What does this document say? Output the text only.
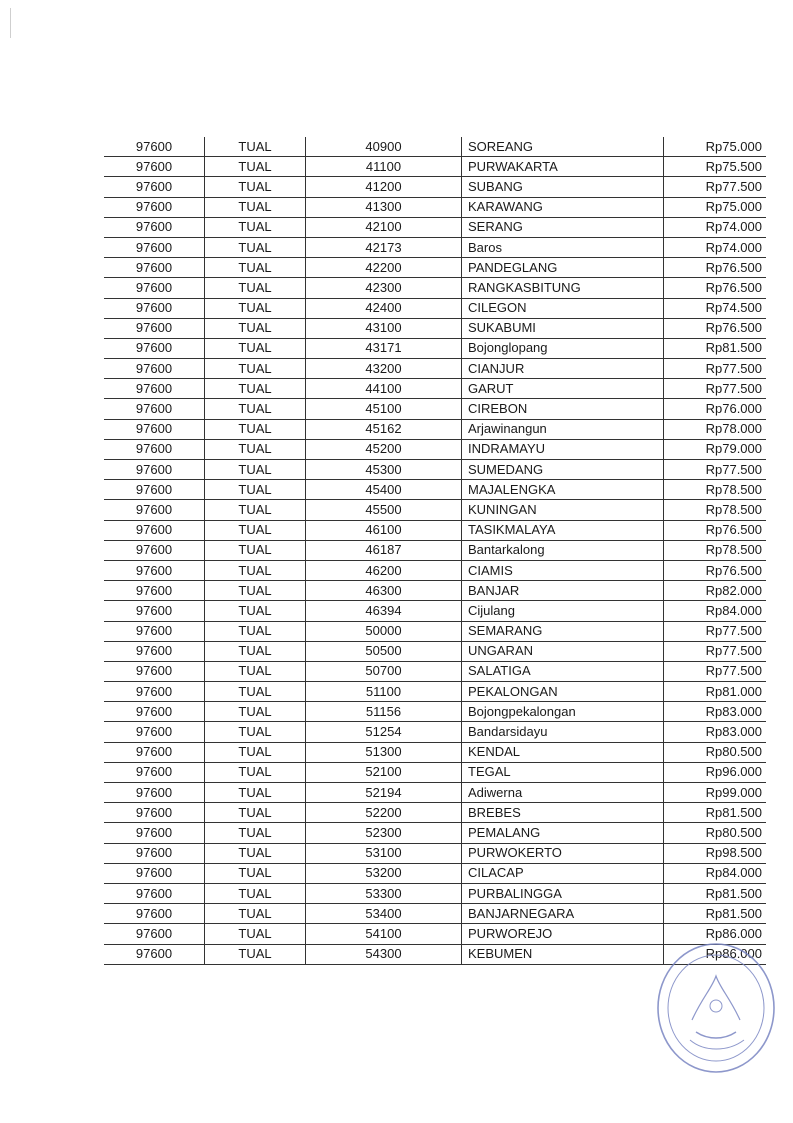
97600	TUAL	40900	SOREANG	Rp75.000
97600	TUAL	41100	PURWAKARTA	Rp75.500
97600	TUAL	41200	SUBANG	Rp77.500
97600	TUAL	41300	KARAWANG	Rp75.000
97600	TUAL	42100	SERANG	Rp74.000
97600	TUAL	42173	Baros	Rp74.000
97600	TUAL	42200	PANDEGLANG	Rp76.500
97600	TUAL	42300	RANGKASBITUNG	Rp76.500
97600	TUAL	42400	CILEGON	Rp74.500
97600	TUAL	43100	SUKABUMI	Rp76.500
97600	TUAL	43171	Bojonglopang	Rp81.500
97600	TUAL	43200	CIANJUR	Rp77.500
97600	TUAL	44100	GARUT	Rp77.500
97600	TUAL	45100	CIREBON	Rp76.000
97600	TUAL	45162	Arjawinangun	Rp78.000
97600	TUAL	45200	INDRAMAYU	Rp79.000
97600	TUAL	45300	SUMEDANG	Rp77.500
97600	TUAL	45400	MAJALENGKA	Rp78.500
97600	TUAL	45500	KUNINGAN	Rp78.500
97600	TUAL	46100	TASIKMALAYA	Rp76.500
97600	TUAL	46187	Bantarkalong	Rp78.500
97600	TUAL	46200	CIAMIS	Rp76.500
97600	TUAL	46300	BANJAR	Rp82.000
97600	TUAL	46394	Cijulang	Rp84.000
97600	TUAL	50000	SEMARANG	Rp77.500
97600	TUAL	50500	UNGARAN	Rp77.500
97600	TUAL	50700	SALATIGA	Rp77.500
97600	TUAL	51100	PEKALONGAN	Rp81.000
97600	TUAL	51156	Bojongpekalongan	Rp83.000
97600	TUAL	51254	Bandarsidayu	Rp83.000
97600	TUAL	51300	KENDAL	Rp80.500
97600	TUAL	52100	TEGAL	Rp96.000
97600	TUAL	52194	Adiwerna	Rp99.000
97600	TUAL	52200	BREBES	Rp81.500
97600	TUAL	52300	PEMALANG	Rp80.500
97600	TUAL	53100	PURWOKERTO	Rp98.500
97600	TUAL	53200	CILACAP	Rp84.000
97600	TUAL	53300	PURBALINGGA	Rp81.500
97600	TUAL	53400	BANJARNEGARA	Rp81.500
97600	TUAL	54100	PURWOREJO	Rp86.000
97600	TUAL	54300	KEBUMEN	Rp86.000
